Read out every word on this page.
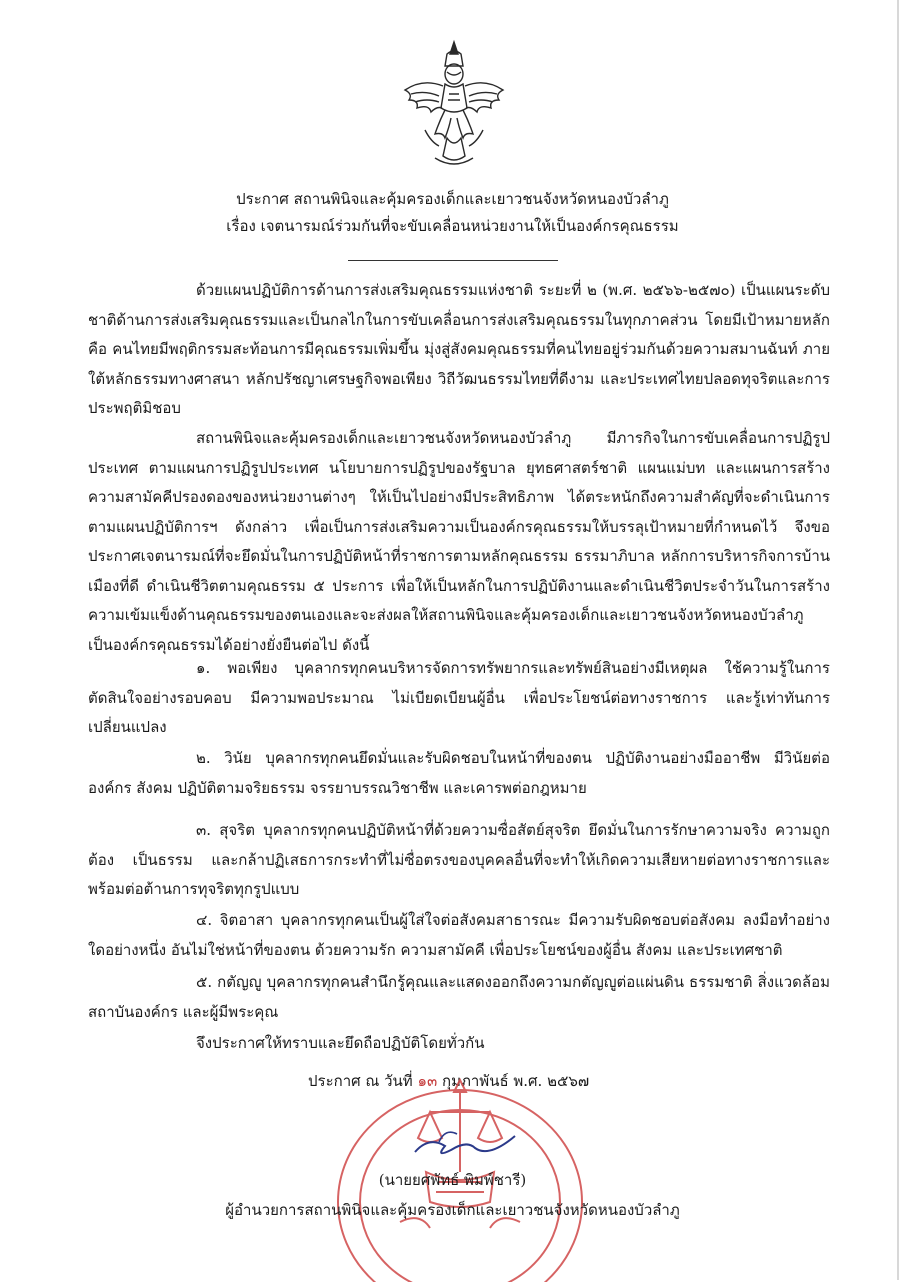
ประกาศ สถานพินิจและคุ้มครองเด็กและเยาวชนจังหวัดหนองบัวลำภู
เรื่อง เจตนารมณ์ร่วมกันที่จะขับเคลื่อนหน่วยงานให้เป็นองค์กรคุณธรรม

ด้วยแผนปฏิบัติการด้านการส่งเสริมคุณธรรมแห่งชาติ ระยะที่ ๒ (พ.ศ. ๒๕๖๖-๒๕๗๐) เป็นแผนระดับชาติด้านการส่งเสริมคุณธรรมและเป็นกลไกในการขับเคลื่อนการส่งเสริมคุณธรรมในทุกภาคส่วน โดยมีเป้าหมายหลัก คือ คนไทยมีพฤติกรรมสะท้อนการมีคุณธรรมเพิ่มขึ้น มุ่งสู่สังคมคุณธรรมที่คนไทยอยู่ร่วมกันด้วยความสมานฉันท์ ภายใต้หลักธรรมทางศาสนา หลักปรัชญาเศรษฐกิจพอเพียง วิถีวัฒนธรรมไทยที่ดีงาม และประเทศไทยปลอดทุจริตและการประพฤติมิชอบ

สถานพินิจและคุ้มครองเด็กและเยาวชนจังหวัดหนองบัวลำภู มีภารกิจในการขับเคลื่อนการปฏิรูปประเทศ ตามแผนการปฏิรูปประเทศ นโยบายการปฏิรูปของรัฐบาล ยุทธศาสตร์ชาติ แผนแม่บท และแผนการสร้างความสามัคคีปรองดองของหน่วยงานต่างๆ ให้เป็นไปอย่างมีประสิทธิภาพ ได้ตระหนักถึงความสำคัญที่จะดำเนินการตามแผนปฏิบัติการฯ ดังกล่าว เพื่อเป็นการส่งเสริมความเป็นองค์กรคุณธรรมให้บรรลุเป้าหมายที่กำหนดไว้ จึงขอประกาศเจตนารมณ์ที่จะยึดมั่นในการปฏิบัติหน้าที่ราชการตามหลักคุณธรรม ธรรมาภิบาล หลักการบริหารกิจการบ้านเมืองที่ดี ดำเนินชีวิตตามคุณธรรม ๕ ประการ เพื่อให้เป็นหลักในการปฏิบัติงานและดำเนินชีวิตประจำวันในการสร้างความเข้มแข็งด้านคุณธรรมของตนเองและจะส่งผลให้สถานพินิจและคุ้มครองเด็กและเยาวชนจังหวัดหนองบัวลำภู เป็นองค์กรคุณธรรมได้อย่างยั่งยืนต่อไป ดังนี้

๑. พอเพียง บุคลากรทุกคนบริหารจัดการทรัพยากรและทรัพย์สินอย่างมีเหตุผล ใช้ความรู้ในการตัดสินใจอย่างรอบคอบ มีความพอประมาณ ไม่เบียดเบียนผู้อื่น เพื่อประโยชน์ต่อทางราชการ และรู้เท่าทันการเปลี่ยนแปลง

๒. วินัย บุคลากรทุกคนยึดมั่นและรับผิดชอบในหน้าที่ของตน ปฏิบัติงานอย่างมืออาชีพ มีวินัยต่อองค์กร สังคม ปฏิบัติตามจริยธรรม จรรยาบรรณวิชาชีพ และเคารพต่อกฎหมาย

๓. สุจริต บุคลากรทุกคนปฏิบัติหน้าที่ด้วยความซื่อสัตย์สุจริต ยึดมั่นในการรักษาความจริง ความถูกต้อง เป็นธรรม และกล้าปฏิเสธการกระทำที่ไม่ซื่อตรงของบุคคลอื่นที่จะทำให้เกิดความเสียหายต่อทางราชการและพร้อมต่อต้านการทุจริตทุกรูปแบบ

๔. จิตอาสา บุคลากรทุกคนเป็นผู้ใส่ใจต่อสังคมสาธารณะ มีความรับผิดชอบต่อสังคม ลงมือทำอย่างใดอย่างหนึ่ง อันไม่ใช่หน้าที่ของตน ด้วยความรัก ความสามัคคี เพื่อประโยชน์ของผู้อื่น สังคม และประเทศชาติ

๕. กตัญญู บุคลากรทุกคนสำนึกรู้คุณและแสดงออกถึงความกตัญญูต่อแผ่นดิน ธรรมชาติ สิ่งแวดล้อม สถาบันองค์กร และผู้มีพระคุณ

จึงประกาศให้ทราบและยึดถือปฏิบัติโดยทั่วกัน
ประกาศ ณ วันที่ ๑๓ กุมภาพันธ์ พ.ศ. ๒๕๖๗
(นายยศพัทธ์ พิมพ์ชารี)
ผู้อำนวยการสถานพินิจและคุ้มครองเด็กและเยาวชนจังหวัดหนองบัวลำภู
